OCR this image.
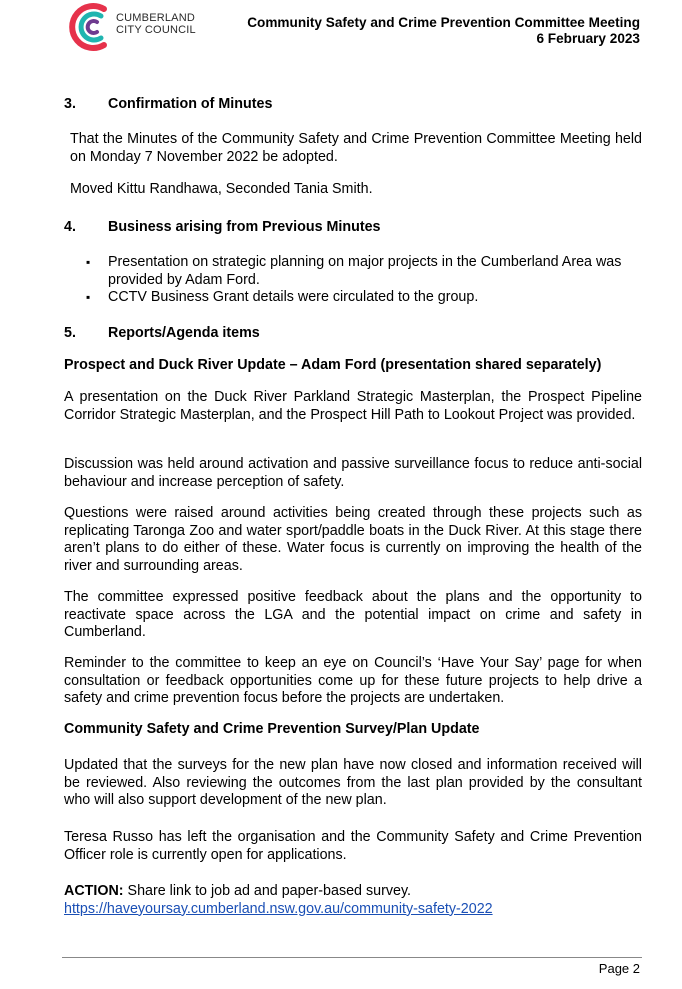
CUMBERLAND
CITY COUNCIL	Community Safety and Crime Prevention Committee Meeting
6 February 2023
3. Confirmation of Minutes
That the Minutes of the Community Safety and Crime Prevention Committee Meeting held on Monday 7 November 2022 be adopted.
Moved Kittu Randhawa, Seconded Tania Smith.
4. Business arising from Previous Minutes
▪ Presentation on strategic planning on major projects in the Cumberland Area was provided by Adam Ford.
▪ CCTV Business Grant details were circulated to the group.
5. Reports/Agenda items
Prospect and Duck River Update – Adam Ford (presentation shared separately)
A presentation on the Duck River Parkland Strategic Masterplan, the Prospect Pipeline Corridor Strategic Masterplan, and the Prospect Hill Path to Lookout Project was provided.
Discussion was held around activation and passive surveillance focus to reduce anti-social behaviour and increase perception of safety.
Questions were raised around activities being created through these projects such as replicating Taronga Zoo and water sport/paddle boats in the Duck River. At this stage there aren’t plans to do either of these. Water focus is currently on improving the health of the river and surrounding areas.
The committee expressed positive feedback about the plans and the opportunity to reactivate space across the LGA and the potential impact on crime and safety in Cumberland.
Reminder to the committee to keep an eye on Council’s ‘Have Your Say’ page for when consultation or feedback opportunities come up for these future projects to help drive a safety and crime prevention focus before the projects are undertaken.
Community Safety and Crime Prevention Survey/Plan Update
Updated that the surveys for the new plan have now closed and information received will be reviewed. Also reviewing the outcomes from the last plan provided by the consultant who will also support development of the new plan.
Teresa Russo has left the organisation and the Community Safety and Crime Prevention Officer role is currently open for applications.
ACTION: Share link to job ad and paper-based survey.
https://haveyoursay.cumberland.nsw.gov.au/community-safety-2022
Page 2
